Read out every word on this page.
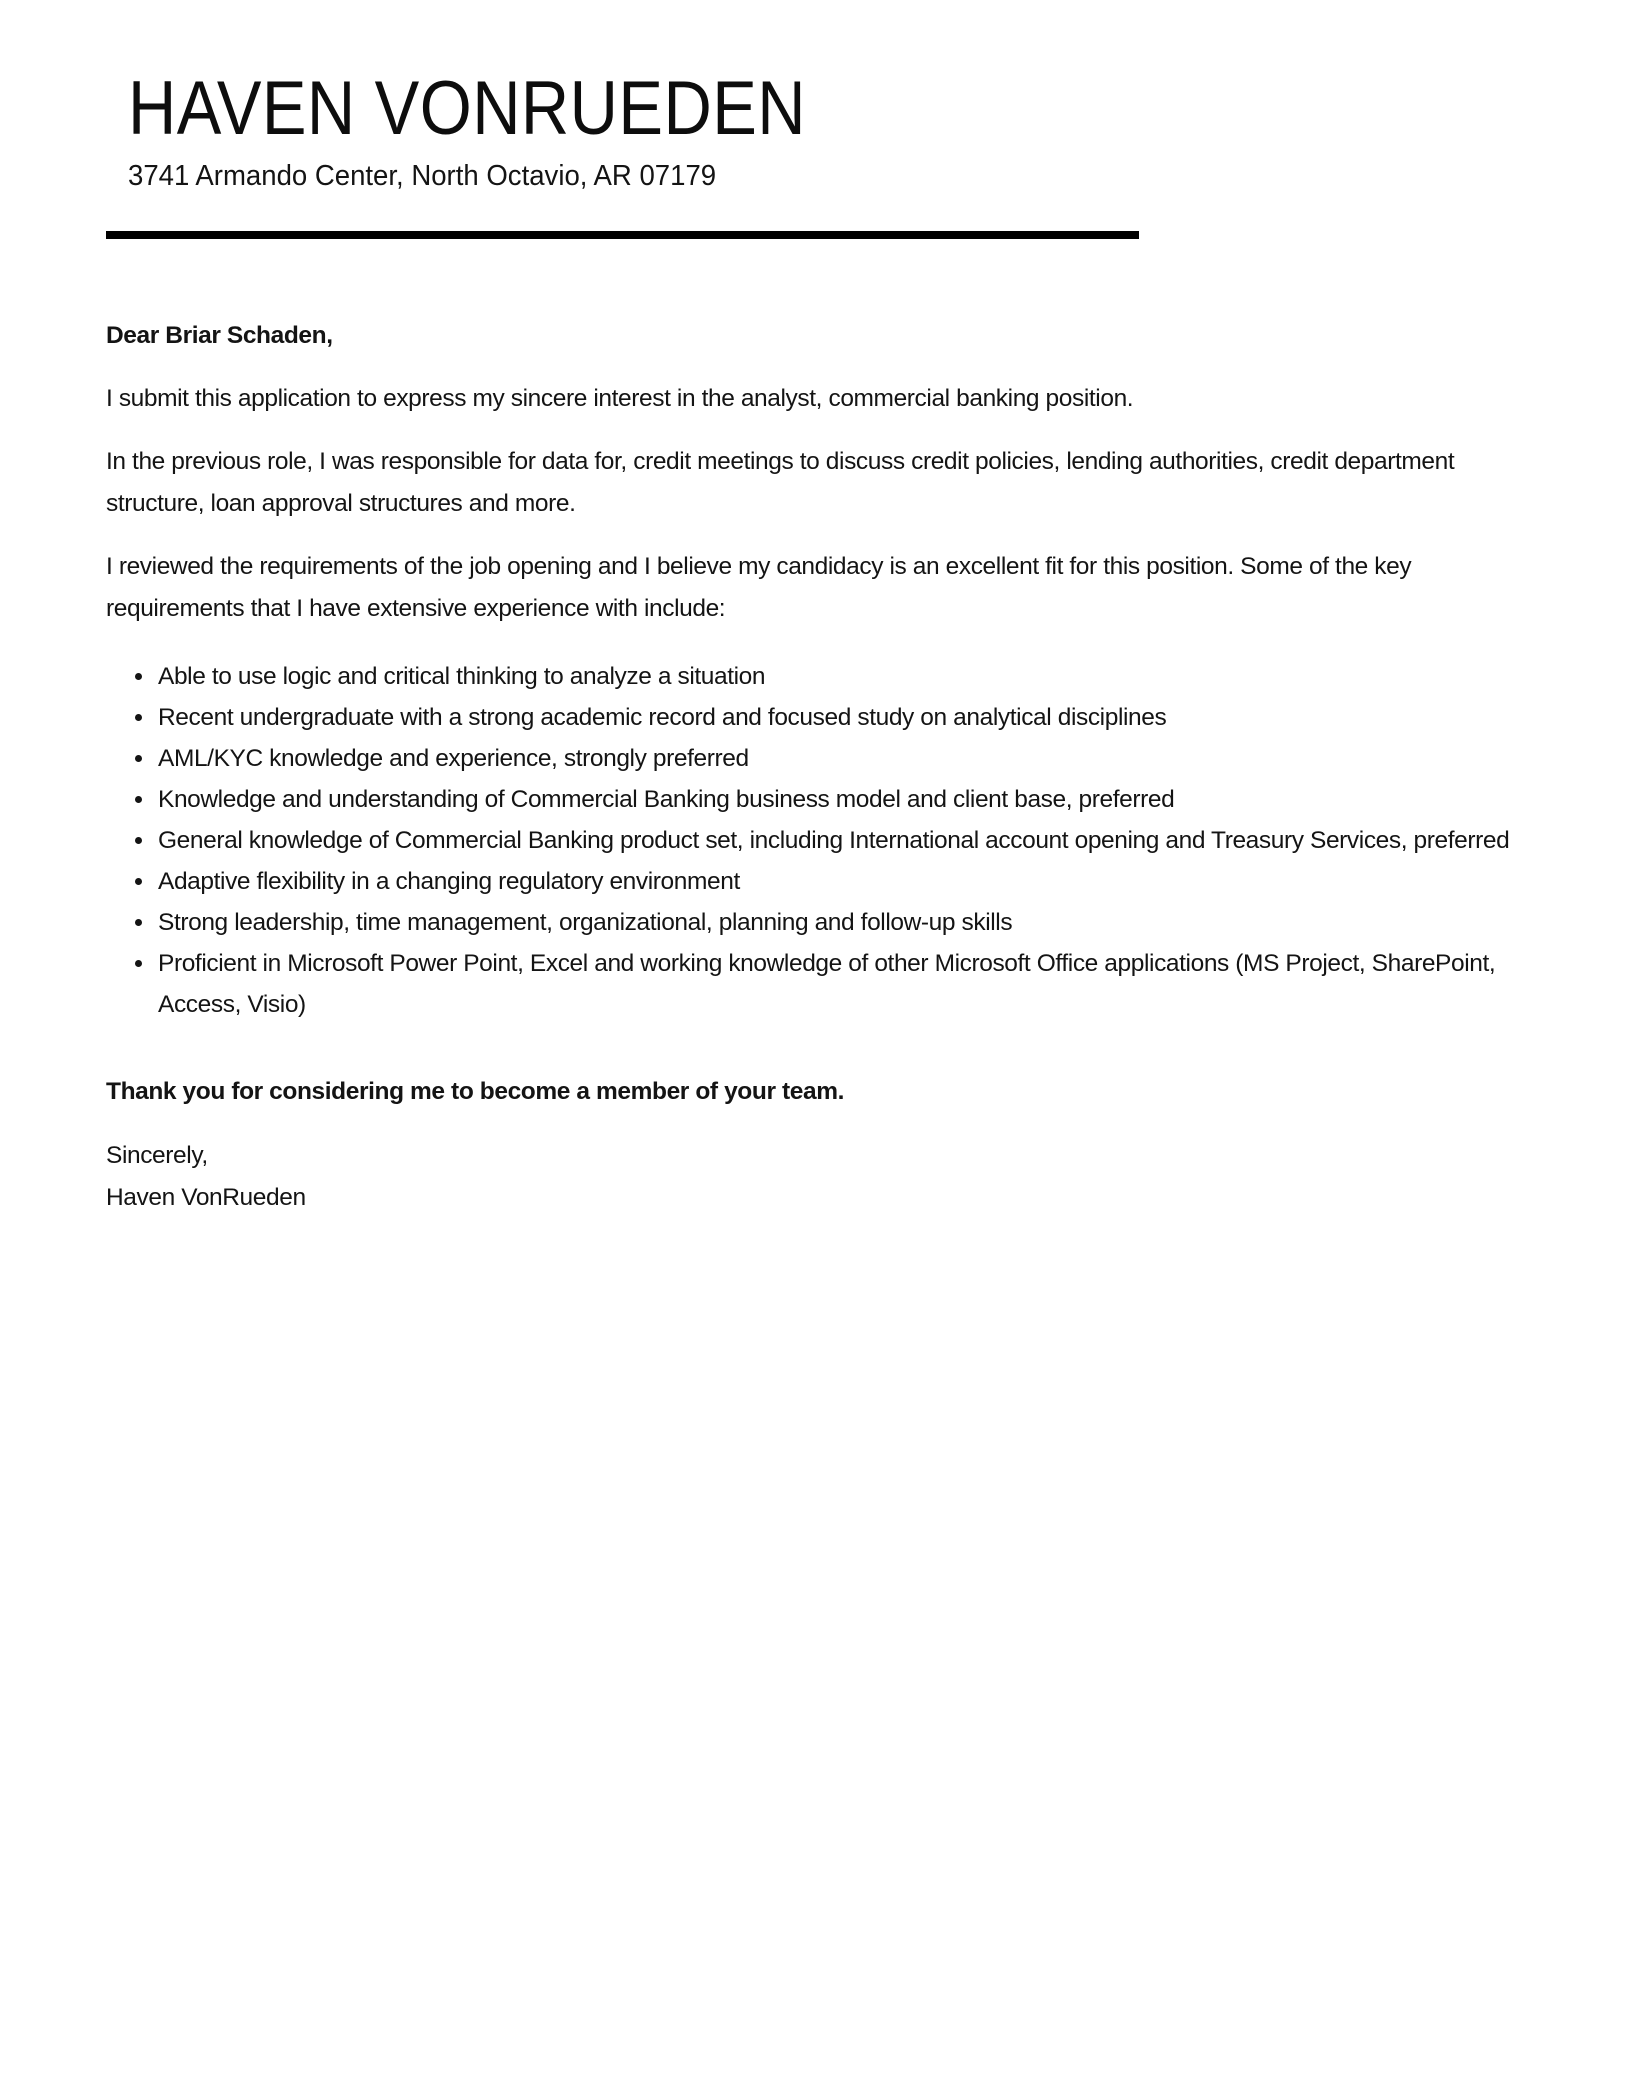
HAVEN VONRUEDEN
3741 Armando Center, North Octavio, AR 07179

Dear Briar Schaden,

I submit this application to express my sincere interest in the analyst, commercial banking position.

In the previous role, I was responsible for data for, credit meetings to discuss credit policies, lending authorities, credit department structure, loan approval structures and more.

I reviewed the requirements of the job opening and I believe my candidacy is an excellent fit for this position. Some of the key requirements that I have extensive experience with include:

• Able to use logic and critical thinking to analyze a situation
• Recent undergraduate with a strong academic record and focused study on analytical disciplines
• AML/KYC knowledge and experience, strongly preferred
• Knowledge and understanding of Commercial Banking business model and client base, preferred
• General knowledge of Commercial Banking product set, including International account opening and Treasury Services, preferred
• Adaptive flexibility in a changing regulatory environment
• Strong leadership, time management, organizational, planning and follow-up skills
• Proficient in Microsoft Power Point, Excel and working knowledge of other Microsoft Office applications (MS Project, SharePoint, Access, Visio)

Thank you for considering me to become a member of your team.

Sincerely,

Haven VonRueden
